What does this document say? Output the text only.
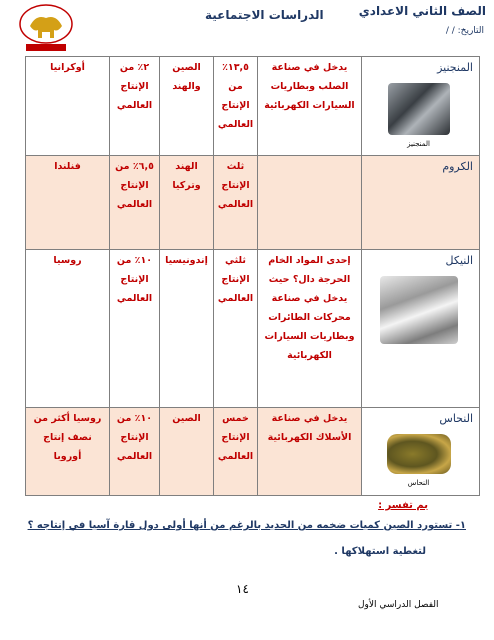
الدراسات الاجتماعية	الصف الثاني الاعدادي
التاريخ: / /
المنجنيز
المنجنيز	يدخل في صناعة الصلب وبطاريات السيارات الكهربائية	١٣,٥٪ من الإنتاج العالمي	الصين والهند	٢٪ من الإنتاج العالمي	أوكرانيا

الكروم		ثلث الإنتاج العالمي	الهند وتركيا	٦,٥٪ من الإنتاج العالمي	فنلندا

النيكل	إحدى المواد الخام الحرجة دال؟ حيث يدخل في صناعة محركات الطائرات وبطاريات السيارات الكهربائية	ثلثي الإنتاج العالمي	إندونيسيا	١٠٪ من الإنتاج العالمي	روسيا

النحاس
النحاس	يدخل في صناعة الأسلاك الكهربائية	خمس الإنتاج العالمي	الصين	١٠٪ من الإنتاج العالمي	روسيا أكثر من نصف إنتاج أوروبا
بم تفسر :
١- تستورد الصين كميات ضخمه من الحديد بالرغم من أنها أولى دول قارة آسيا في إنتاجه ؟
لتغطية استهلاكها .
١٤
الفصل الدراسي الأول
